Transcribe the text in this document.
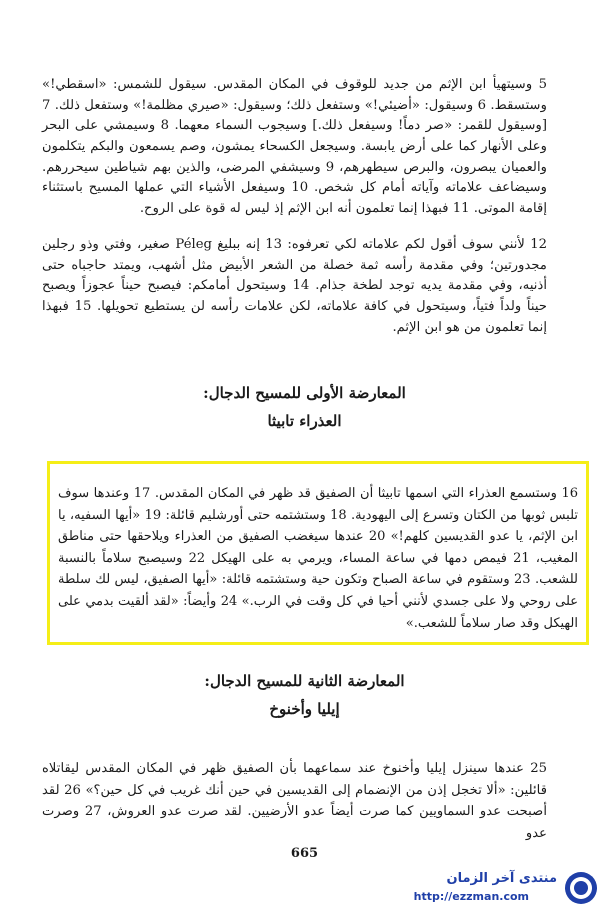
5 وسيتهيأ ابن الإثم من جديد للوقوف في المكان المقدس. سيقول للشمس: «اسقطي!» وستسقط. 6 وسيقول: «أضيئي!» وستفعل ذلك؛ وسيقول: «صيري مظلمة!» وستفعل ذلك. 7 [وسيقول للقمر: «صر دماً! وسيفعل ذلك.] وسيجوب السماء معهما. 8 وسيمشي على البحر وعلى الأنهار كما على أرض يابسة. وسيجعل الكسحاء يمشون، وصم يسمعون والبكم يتكلمون والعميان يبصرون، والبرص سيطهرهم، 9 وسيشفي المرضى، والذين بهم شياطين سيحررهم. وسيضاعف علاماته وآياته أمام كل شخص. 10 وسيفعل الأشياء التي عملها المسيح باستثناء إقامة الموتى. 11 فبهذا إنما تعلمون أنه ابن الإثم إذ ليس له قوة على الروح.

12 لأنني سوف أقول لكم علاماته لكي تعرفوه: 13 إنه ببليغ Péleg صغير، وفتي وذو رجلين مجدورتين؛ وفي مقدمة رأسه ثمة خصلة من الشعر الأبيض مثل أشهب، ويمتد حاجباه حتى أذنيه، وفي مقدمة يديه توجد لطخة جذام. 14 وسيتحول أمامكم: فيصبح حيناً عجوزاً ويصبح حيناً ولداً فتياً، وسيتحول في كافة علاماته، لكن علامات رأسه لن يستطيع تحويلها. 15 فبهذا إنما تعلمون من هو ابن الإثم.

المعارضة الأولى للمسيح الدجال:
العذراء تابيثا

16 وستسمع العذراء التي اسمها تابيثا أن الصفيق قد ظهر في المكان المقدس. 17 وعندها سوف تلبس ثوبها من الكتان وتسرع إلى اليهودية. 18 وستشتمه حتى أورشليم قائلة: 19 «أيها السفيه، يا ابن الإثم، يا عدو القديسين كلهم!» 20 عندها سيغضب الصفيق من العذراء ويلاحقها حتى مناطق المغيب، 21 فيمص دمها في ساعة المساء، ويرمي به على الهيكل 22 وسيصبح سلاماً بالنسبة للشعب. 23 وستقوم في ساعة الصباح وتكون حية وستشتمه قائلة: «أيها الصفيق، ليس لك سلطة على روحي ولا على جسدي لأنني أحيا في كل وقت في الرب.» 24 وأيضاً: «لقد ألقيت بدمي على الهيكل وقد صار سلاماً للشعب.»

المعارضة الثانية للمسيح الدجال:
إيليا وأخنوخ

25 عندها سينزل إيليا وأخنوخ عند سماعهما بأن الصفيق ظهر في المكان المقدس ليقاتلاه قائلين: «ألا تخجل إذن من الإنضمام إلى القديسين في حين أنك غريب في كل حين؟» 26 لقد أصبحت عدو السماويين كما صرت أيضاً عدو الأرضيين. لقد صرت عدو العروش، 27 وصرت عدو

665
منتدى آخر الزمان
http://ezzman.com
